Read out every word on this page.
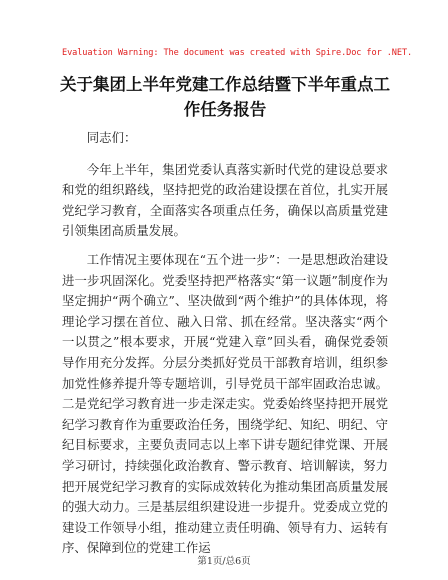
Evaluation Warning: The document was created with Spire.Doc for .NET.
关于集团上半年党建工作总结暨下半年重点工作任务报告

同志们：

今年上半年，集团党委认真落实新时代党的建设总要求和党的组织路线，坚持把党的政治建设摆在首位，扎实开展党纪学习教育，全面落实各项重点任务，确保以高质量党建引领集团高质量发展。

工作情况主要体现在“五个进一步”：一是思想政治建设进一步巩固深化。党委坚持把严格落实“第一议题”制度作为坚定拥护“两个确立”、坚决做到“两个维护”的具体体现，将理论学习摆在首位、融入日常、抓在经常。坚决落实“两个一以贯之”根本要求，开展“党建入章”回头看，确保党委领导作用充分发挥。分层分类抓好党员干部教育培训，组织参加党性修养提升等专题培训，引导党员干部牢固政治忠诚。二是党纪学习教育进一步走深走实。党委始终坚持把开展党纪学习教育作为重要政治任务，围绕学纪、知纪、明纪、守纪目标要求，主要负责同志以上率下讲专题纪律党课、开展学习研讨，持续强化政治教育、警示教育、培训解读，努力把开展党纪学习教育的实际成效转化为推动集团高质量发展的强大动力。三是基层组织建设进一步提升。党委成立党的建设工作领导小组，推动建立责任明确、领导有力、运转有序、保障到位的党建工作运

第1页/总6页
